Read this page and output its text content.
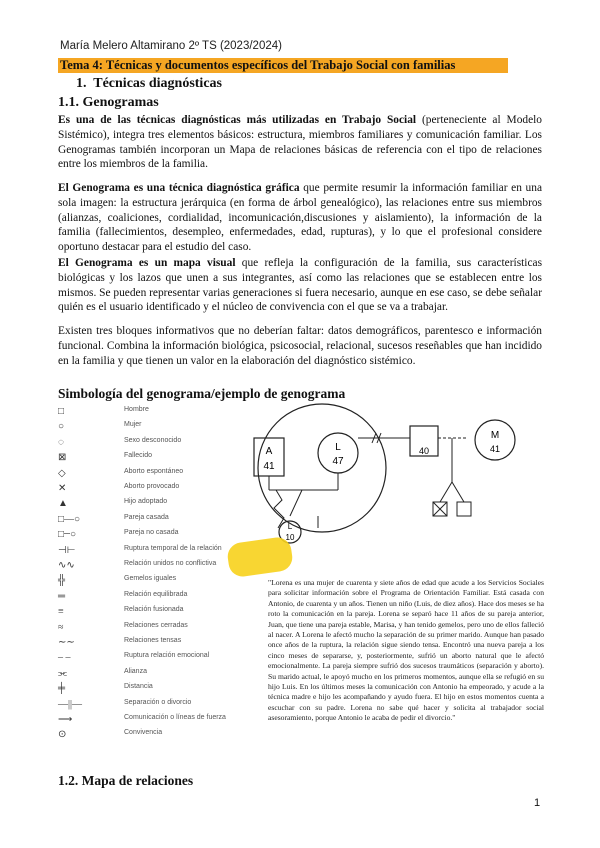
María Melero Altamirano 2º TS (2023/2024)
Tema 4: Técnicas y documentos específicos del Trabajo Social con familias
1. Técnicas diagnósticas
1.1. Genogramas
Es una de las técnicas diagnósticas más utilizadas en Trabajo Social (perteneciente al Modelo Sistémico), integra tres elementos básicos: estructura, miembros familiares y comunicación familiar. Los Genogramas también incorporan un Mapa de relaciones básicas de referencia con el tipo de relaciones entre los miembros de la familia.
El Genograma es una técnica diagnóstica gráfica que permite resumir la información familiar en una sola imagen: la estructura jerárquica (en forma de árbol genealógico), las relaciones entre sus miembros (alianzas, coaliciones, cordialidad, incomunicación,discusiones y aislamiento), la información de la familia (fallecimientos, desempleo, enfermedades, edad, rupturas), y lo que el profesional considere oportuno destacar para el estudio del caso.
El Genograma es un mapa visual que refleja la configuración de la familia, sus características biológicas y los lazos que unen a sus integrantes, así como las relaciones que se establecen entre los mismos. Se pueden representar varias generaciones si fuera necesario, aunque en ese caso, se debe señalar quién es el usuario identificado y el núcleo de convivencia con el que se va a trabajar.
Existen tres bloques informativos que no deberían faltar: datos demográficos, parentesco e información funcional. Combina la información biológica, psicosocial, relacional, sucesos reseñables que han incidido en la familia y que tienen un valor en la elaboración del diagnóstico sistémico.
Simbología del genograma/ejemplo de genograma
□	Hombre
○	Mujer
◌	Sexo desconocido
⊠	Fallecido
◇	Aborto espontáneo
✕	Aborto provocado
▲	Hijo adoptado
□—○	Pareja casada
□┄○	Pareja no casada
⊣⊢	Ruptura temporal de la relación
∿∿	Relación unidos no conflictiva
╬	Gemelos iguales
═	Relación equilibrada
≡	Relación fusionada
≈	Relaciones cerradas
∼∼	Relaciones tensas
– –	Ruptura relación emocional
⫘	Alianza
╪	Distancia
—||—	Separación o divorcio
⟶	Comunicación o líneas de fuerza
⊙	Convivencia
A
41
L
47
L
10
40
M
41
"Lorena es una mujer de cuarenta y siete años de edad que acude a los Servicios Sociales para solicitar información sobre el Programa de Orientación Familiar. Está casada con Antonio, de cuarenta y un años. Tienen un niño (Luis, de diez años). Hace dos meses se ha roto la comunicación en la pareja. Lorena se separó hace 11 años de su pareja anterior, Juan, que tiene una pareja estable, Marisa, y han tenido gemelos, pero uno de ellos falleció al nacer. A Lorena le afectó mucho la separación de su primer marido. Aunque han pasado once años de la ruptura, la relación sigue siendo tensa. Encontró una nueva pareja a los cinco meses de separarse, y, posteriormente, sufrió un aborto natural que le afectó emocionalmente. La pareja siempre sufrió dos sucesos traumáticos (separación y aborto). Su marido actual, le apoyó mucho en los primeros momentos, aunque ella se refugió en su hijo Luis. En los últimos meses la comunicación con Antonio ha empeorado, y acude a la técnica madre e hijo les acompañando y ayudo fuera. El hijo en estos momentos cuenta a escuchar con su padre. Lorena no sabe qué hacer y solicita al trabajador social asesoramiento, porque Antonio le acaba de pedir el divorcio."
1.2. Mapa de relaciones
1
